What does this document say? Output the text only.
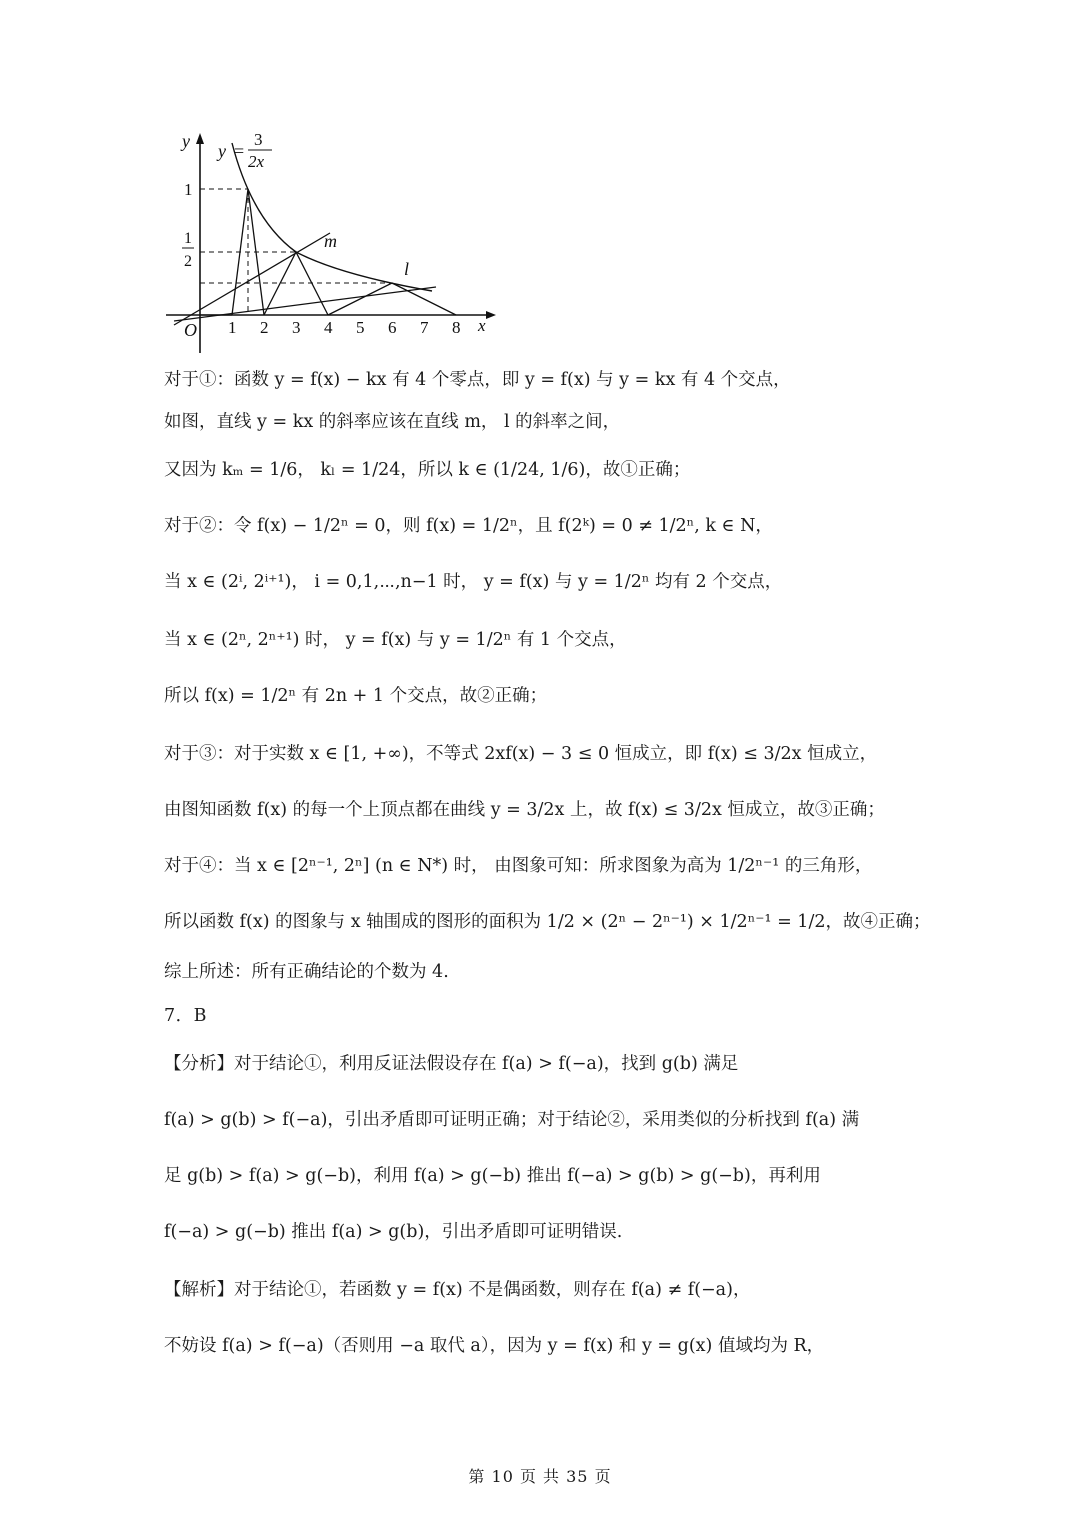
y y =
3
2x
1
1
2
O 1 2 3 4 5 6 7 8 x
m
l
对于①：函数 y = f(x) − kx 有 4 个零点，即 y = f(x) 与 y = kx 有 4 个交点，
如图，直线 y = kx 的斜率应该在直线 m， l 的斜率之间，
又因为 kₘ = 1/6， kₗ = 1/24，所以 k ∈ (1/24, 1/6)，故①正确；
对于②：令 f(x) − 1/2ⁿ = 0，则 f(x) = 1/2ⁿ，且 f(2ᵏ) = 0 ≠ 1/2ⁿ, k ∈ N，
当 x ∈ (2ⁱ, 2ⁱ⁺¹)， i = 0,1,⋯,n−1 时， y = f(x) 与 y = 1/2ⁿ 均有 2 个交点，
当 x ∈ (2ⁿ, 2ⁿ⁺¹) 时， y = f(x) 与 y = 1/2ⁿ 有 1 个交点，
所以 f(x) = 1/2ⁿ 有 2n + 1 个交点，故②正确；
对于③：对于实数 x ∈ [1, +∞)，不等式 2xf(x) − 3 ≤ 0 恒成立，即 f(x) ≤ 3/2x 恒成立，
由图知函数 f(x) 的每一个上顶点都在曲线 y = 3/2x 上，故 f(x) ≤ 3/2x 恒成立，故③正确；
对于④：当 x ∈ [2ⁿ⁻¹, 2ⁿ] (n ∈ N*) 时， 由图象可知：所求图象为高为 1/2ⁿ⁻¹ 的三角形，
所以函数 f(x) 的图象与 x 轴围成的图形的面积为 1/2 × (2ⁿ − 2ⁿ⁻¹) × 1/2ⁿ⁻¹ = 1/2，故④正确；
综上所述：所有正确结论的个数为 4.
7．B
【分析】对于结论①，利用反证法假设存在 f(a) > f(−a)，找到 g(b) 满足
f(a) > g(b) > f(−a)，引出矛盾即可证明正确；对于结论②，采用类似的分析找到 f(a) 满
足 g(b) > f(a) > g(−b)，利用 f(a) > g(−b) 推出 f(−a) > g(b) > g(−b)，再利用
f(−a) > g(−b) 推出 f(a) > g(b)，引出矛盾即可证明错误.
【解析】对于结论①，若函数 y = f(x) 不是偶函数，则存在 f(a) ≠ f(−a)，
不妨设 f(a) > f(−a)（否则用 −a 取代 a），因为 y = f(x) 和 y = g(x) 值域均为 R，
第 10 页 共 35 页
